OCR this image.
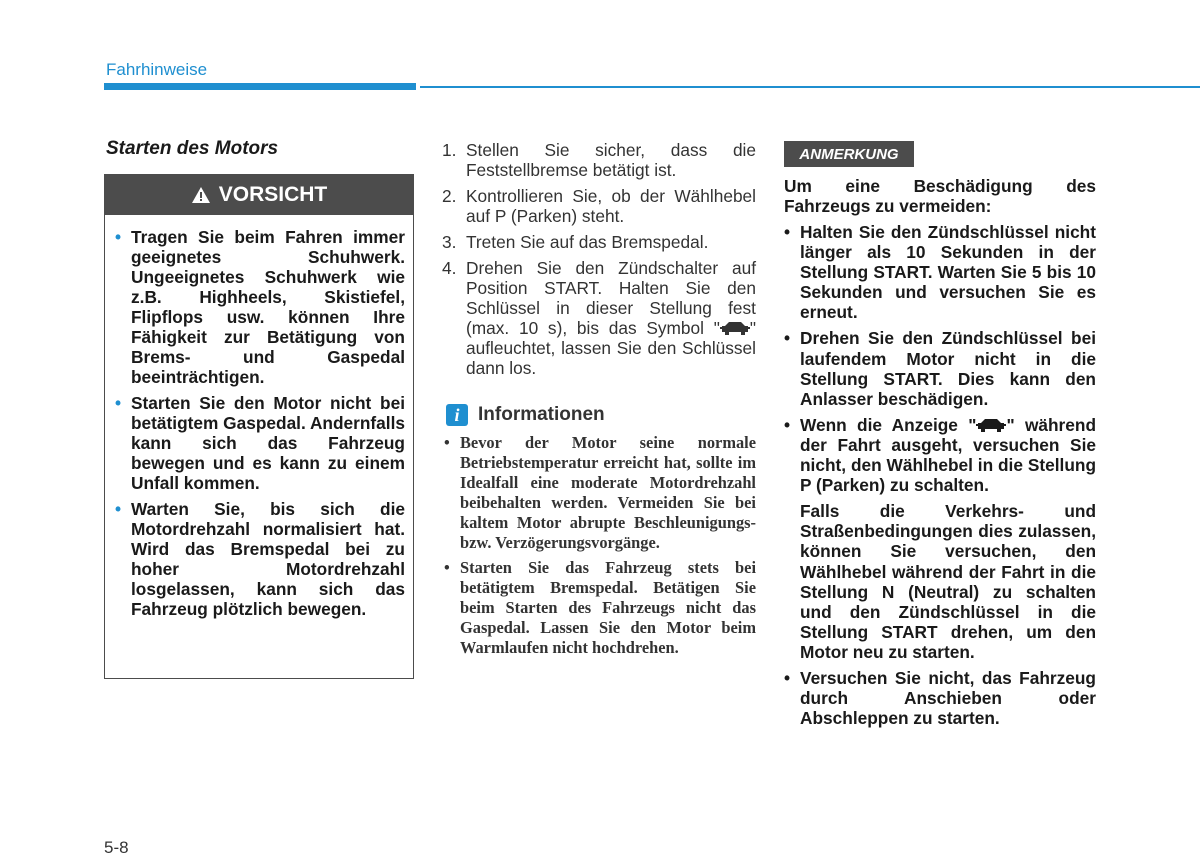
Fahrhinweise
Starten des Motors
VORSICHT
• Tragen Sie beim Fahren immer geeignetes Schuhwerk. Ungeeignetes Schuhwerk wie z.B. Highheels, Skistiefel, Flipflops usw. können Ihre Fähigkeit zur Betätigung von Brems- und Gaspedal beeinträchtigen.
• Starten Sie den Motor nicht bei betätigtem Gaspedal. Andernfalls kann sich das Fahrzeug bewegen und es kann zu einem Unfall kommen.
• Warten Sie, bis sich die Motordrehzahl normalisiert hat. Wird das Bremspedal bei zu hoher Motordrehzahl losgelassen, kann sich das Fahrzeug plötzlich bewegen.
1. Stellen Sie sicher, dass die Feststellbremse betätigt ist.
2. Kontrollieren Sie, ob der Wählhebel auf P (Parken) steht.
3. Treten Sie auf das Bremspedal.
4. Drehen Sie den Zündschalter auf Position START. Halten Sie den Schlüssel in dieser Stellung fest (max. 10 s), bis das Symbol " " aufleuchtet, lassen Sie den Schlüssel dann los.
i Informationen
• Bevor der Motor seine normale Betriebstemperatur erreicht hat, sollte im Idealfall eine moderate Motordrehzahl beibehalten werden. Vermeiden Sie bei kaltem Motor abrupte Beschleunigungs- bzw. Verzögerungsvorgänge.
• Starten Sie das Fahrzeug stets bei betätigtem Bremspedal. Betätigen Sie beim Starten des Fahrzeugs nicht das Gaspedal. Lassen Sie den Motor beim Warmlaufen nicht hochdrehen.
ANMERKUNG
Um eine Beschädigung des Fahrzeugs zu vermeiden:
• Halten Sie den Zündschlüssel nicht länger als 10 Sekunden in der Stellung START. Warten Sie 5 bis 10 Sekunden und versuchen Sie es erneut.
• Drehen Sie den Zündschlüssel bei laufendem Motor nicht in die Stellung START. Dies kann den Anlasser beschädigen.
• Wenn die Anzeige " " während der Fahrt ausgeht, versuchen Sie nicht, den Wählhebel in die Stellung P (Parken) zu schalten.
Falls die Verkehrs- und Straßenbedingungen dies zulassen, können Sie versuchen, den Wählhebel während der Fahrt in die Stellung N (Neutral) zu schalten und den Zündschlüssel in die Stellung START drehen, um den Motor neu zu starten.
• Versuchen Sie nicht, das Fahrzeug durch Anschieben oder Abschleppen zu starten.
5-8
